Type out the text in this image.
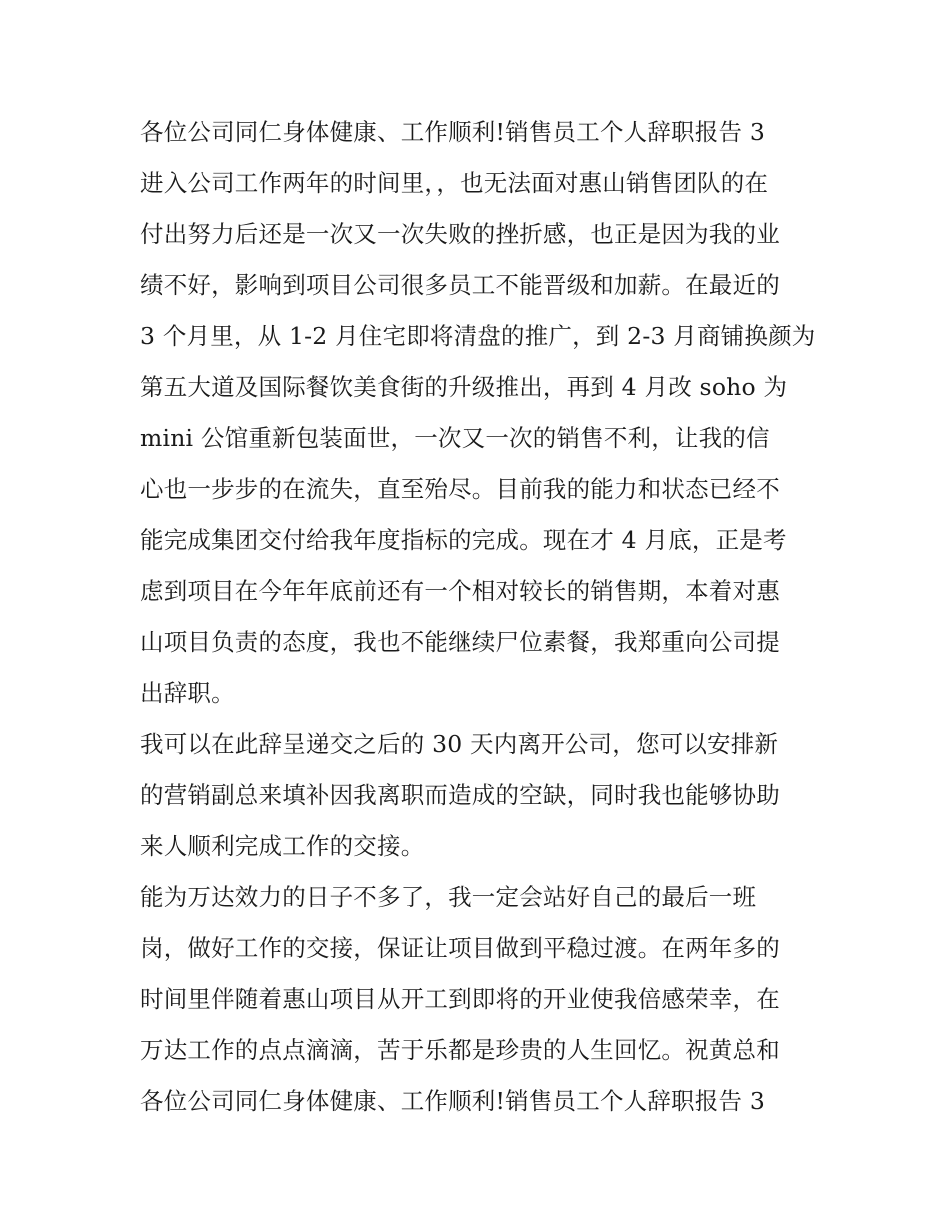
各位公司同仁身体健康、工作顺利!销售员工个人辞职报告 3
进入公司工作两年的时间里，，也无法面对惠山销售团队的在
付出努力后还是一次又一次失败的挫折感，也正是因为我的业
绩不好，影响到项目公司很多员工不能晋级和加薪。在最近的
3 个月里，从 1-2 月住宅即将清盘的推广，到 2-3 月商铺换颜为
第五大道及国际餐饮美食街的升级推出，再到 4 月改 soho 为
mini 公馆重新包装面世，一次又一次的销售不利，让我的信
心也一步步的在流失，直至殆尽。目前我的能力和状态已经不
能完成集团交付给我年度指标的完成。现在才 4 月底，正是考
虑到项目在今年年底前还有一个相对较长的销售期，本着对惠
山项目负责的态度，我也不能继续尸位素餐，我郑重向公司提
出辞职。
我可以在此辞呈递交之后的 30 天内离开公司，您可以安排新
的营销副总来填补因我离职而造成的空缺，同时我也能够协助
来人顺利完成工作的交接。
能为万达效力的日子不多了，我一定会站好自己的最后一班
岗，做好工作的交接，保证让项目做到平稳过渡。在两年多的
时间里伴随着惠山项目从开工到即将的开业使我倍感荣幸，在
万达工作的点点滴滴，苦于乐都是珍贵的人生回忆。祝黄总和
各位公司同仁身体健康、工作顺利!销售员工个人辞职报告 3
